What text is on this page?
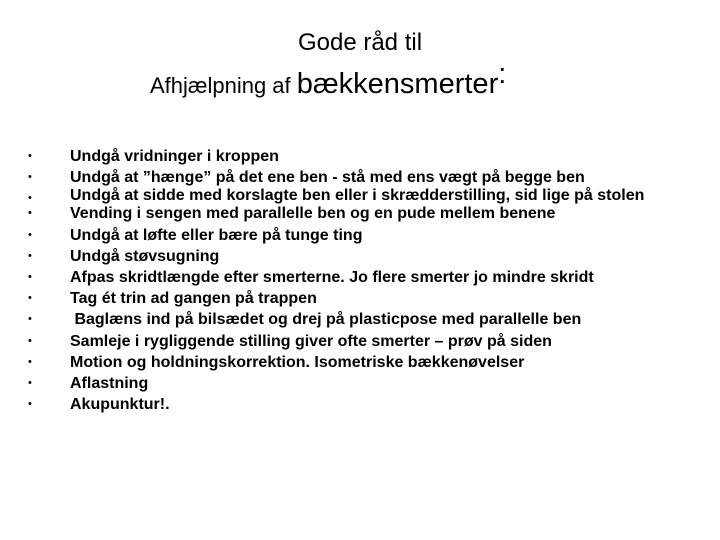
Gode råd til
Afhjælpning af bækkensmerter:
• Undgå vridninger i kroppen
• Undgå at ”hænge” på det ene ben - stå med ens vægt på begge ben
• Undgå at sidde med korslagte ben eller i skrædderstilling, sid lige på stolen
• Vending i sengen med parallelle ben og en pude mellem benene
• Undgå at løfte eller bære på tunge ting
• Undgå støvsugning
• Afpas skridtlængde efter smerterne. Jo flere smerter jo mindre skridt
• Tag ét trin ad gangen på trappen
• Baglæns ind på bilsædet og drej på plasticpose med parallelle ben
• Samleje i rygliggende stilling giver ofte smerter – prøv på siden
• Motion og holdningskorrektion. Isometriske bækkenøvelser
• Aflastning
• Akupunktur!.
